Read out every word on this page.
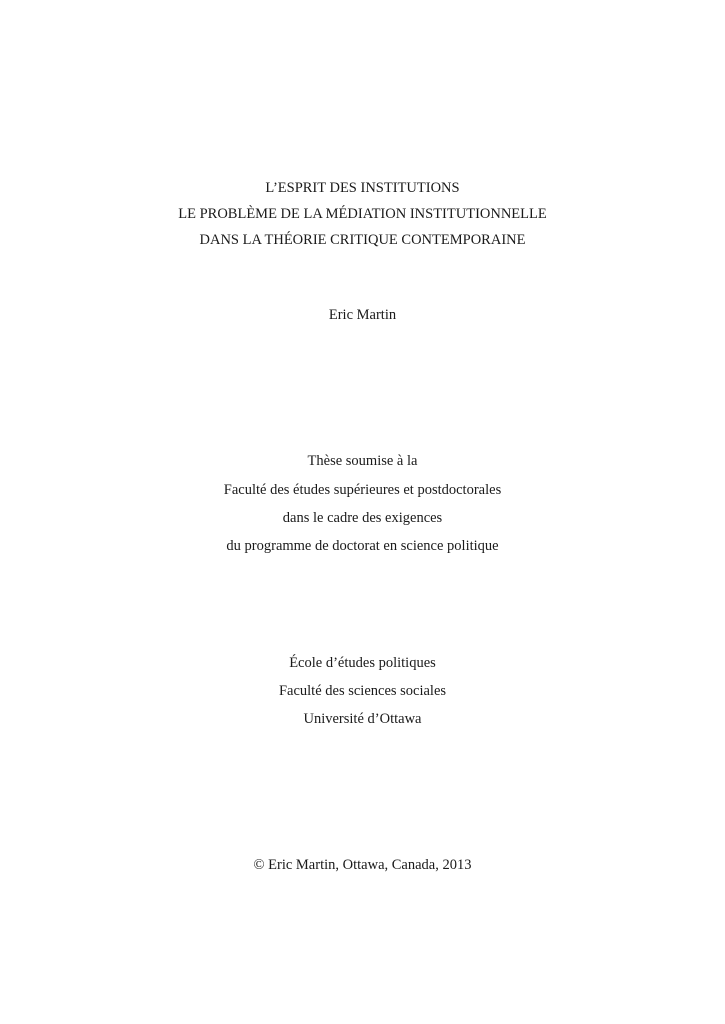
L’ESPRIT DES INSTITUTIONS
LE PROBLÈME DE LA MÉDIATION INSTITUTIONNELLE
DANS LA THÉORIE CRITIQUE CONTEMPORAINE
Eric Martin
Thèse soumise à la
Faculté des études supérieures et postdoctorales
dans le cadre des exigences
du programme de doctorat en science politique
École d’études politiques
Faculté des sciences sociales
Université d’Ottawa
© Eric Martin, Ottawa, Canada, 2013
